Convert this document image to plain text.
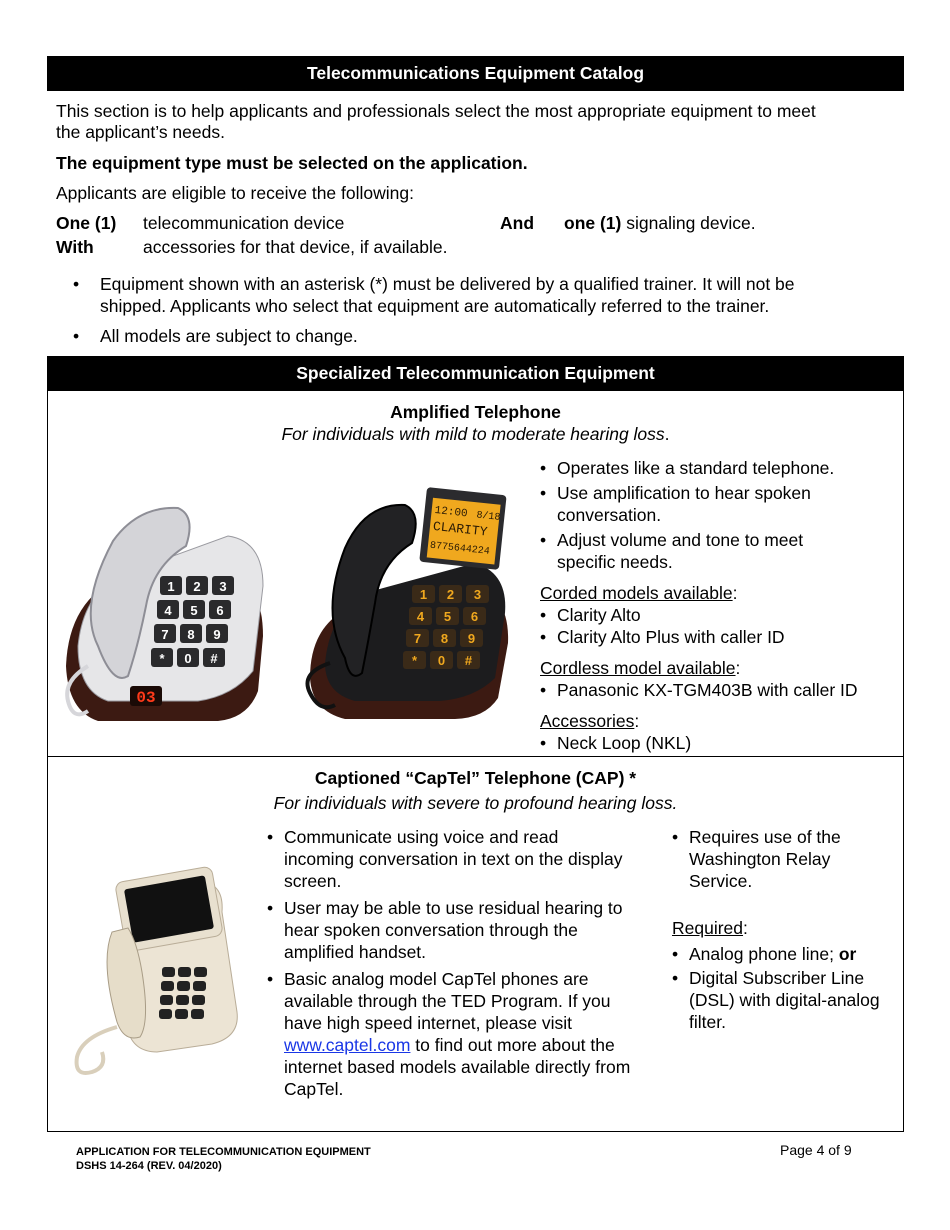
Telecommunications Equipment Catalog

This section is to help applicants and professionals select the most appropriate equipment to meet

the applicant’s needs.

The equipment type must be selected on the application.

Applicants are eligible to receive the following:

One (1) telecommunication device	And one (1) signaling device.
With	accessories for that device, if available.
• Equipment shown with an asterisk (*) must be delivered by a qualified trainer. It will not be
shipped. Applicants who select that equipment are automatically referred to the trainer.
• All models are subject to change.
Specialized Telecommunication Equipment
Amplified Telephone
For individuals with mild to moderate hearing loss.
03
1 2 3
4 5 6
7 8 9
* 0 #
12:00 8/18
CLARITY
8775644224
1 2 3
4 5 6
7 8 9
* 0 #
• Operates like a standard telephone.
• Use amplification to hear spoken
conversation.
• Adjust volume and tone to meet
specific needs.
Corded models available:
• Clarity Alto
• Clarity Alto Plus with caller ID
Cordless model available:
• Panasonic KX-TGM403B with caller ID
Accessories:
• Neck Loop (NKL)
Captioned “CapTel” Telephone (CAP) *
For individuals with severe to profound hearing loss.
• Communicate using voice and read
incoming conversation in text on the display
screen.
• User may be able to use residual hearing to
hear spoken conversation through the
amplified handset.
• Basic analog model CapTel phones are
available through the TED Program. If you
have high speed internet, please visit
www.captel.com to find out more about the
internet based models available directly from
CapTel.
• Requires use of the
Washington Relay
Service.
Required:
• Analog phone line; or
• Digital Subscriber Line
(DSL) with digital-analog
filter.
APPLICATION FOR TELECOMMUNICATION EQUIPMENT
DSHS 14-264 (REV. 04/2020)
Page 4 of 9
